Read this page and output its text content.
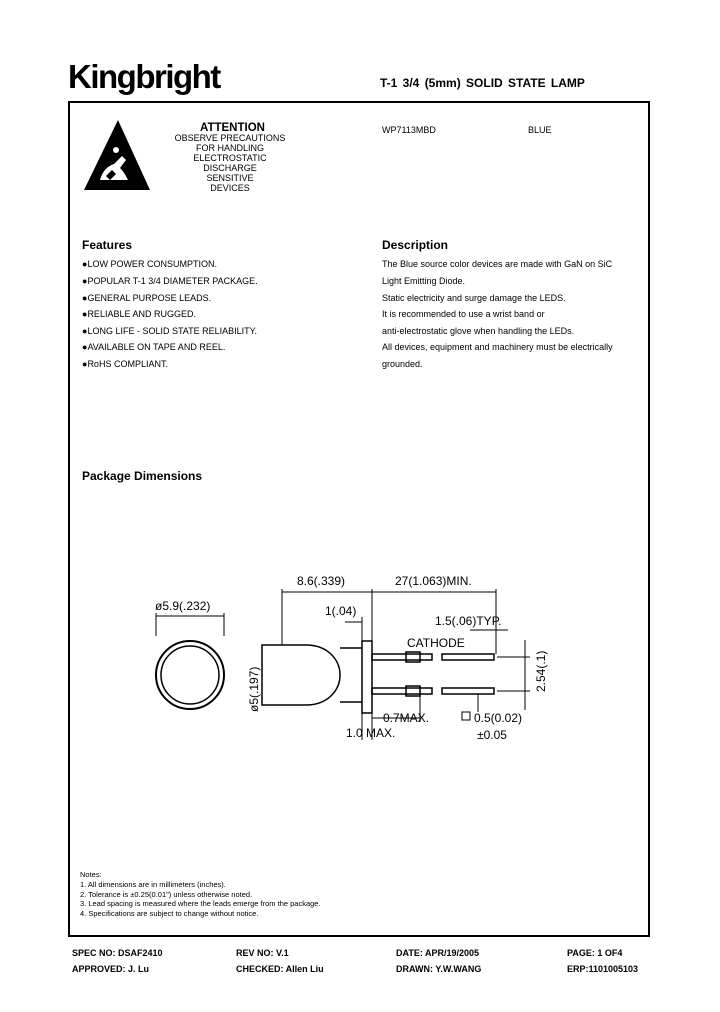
Kingbright	T-1 3/4 (5mm) SOLID STATE LAMP
ATTENTION
OBSERVE PRECAUTIONS
FOR HANDLING
ELECTROSTATIC
DISCHARGE
SENSITIVE
DEVICES
WP7113MBD	BLUE
Features
●LOW POWER CONSUMPTION.
●POPULAR T-1 3/4 DIAMETER PACKAGE.
●GENERAL PURPOSE LEADS.
●RELIABLE AND RUGGED.
●LONG LIFE - SOLID STATE RELIABILITY.
●AVAILABLE ON TAPE AND REEL.
●RoHS COMPLIANT.
Description
The Blue source color devices are made with GaN on SiC
Light Emitting Diode.
Static electricity and surge damage the LEDS.
It is recommended to use a wrist band or
anti-electrostatic glove when handling the LEDs.
All devices, equipment and machinery must be electrically
grounded.
Package Dimensions
ø5.9(.232)
8.6(.339)	27(1.063)MIN.
1(.04)
1.5(.06)TYP.
CATHODE
ø5(.197)	2.54(.1)
0.7MAX.	0.5(0.02)
±0.05
1.0 MAX.
Notes:
1. All dimensions are in millimeters (inches).
2. Tolerance is ±0.25(0.01") unless otherwise noted.
3. Lead spacing is measured where the leads emerge from the package.
4. Specifications are subject to change without notice.
SPEC NO: DSAF2410	REV NO: V.1	DATE: APR/19/2005	PAGE: 1 OF4
APPROVED: J. Lu	CHECKED: Allen Liu	DRAWN: Y.W.WANG	ERP:1101005103
